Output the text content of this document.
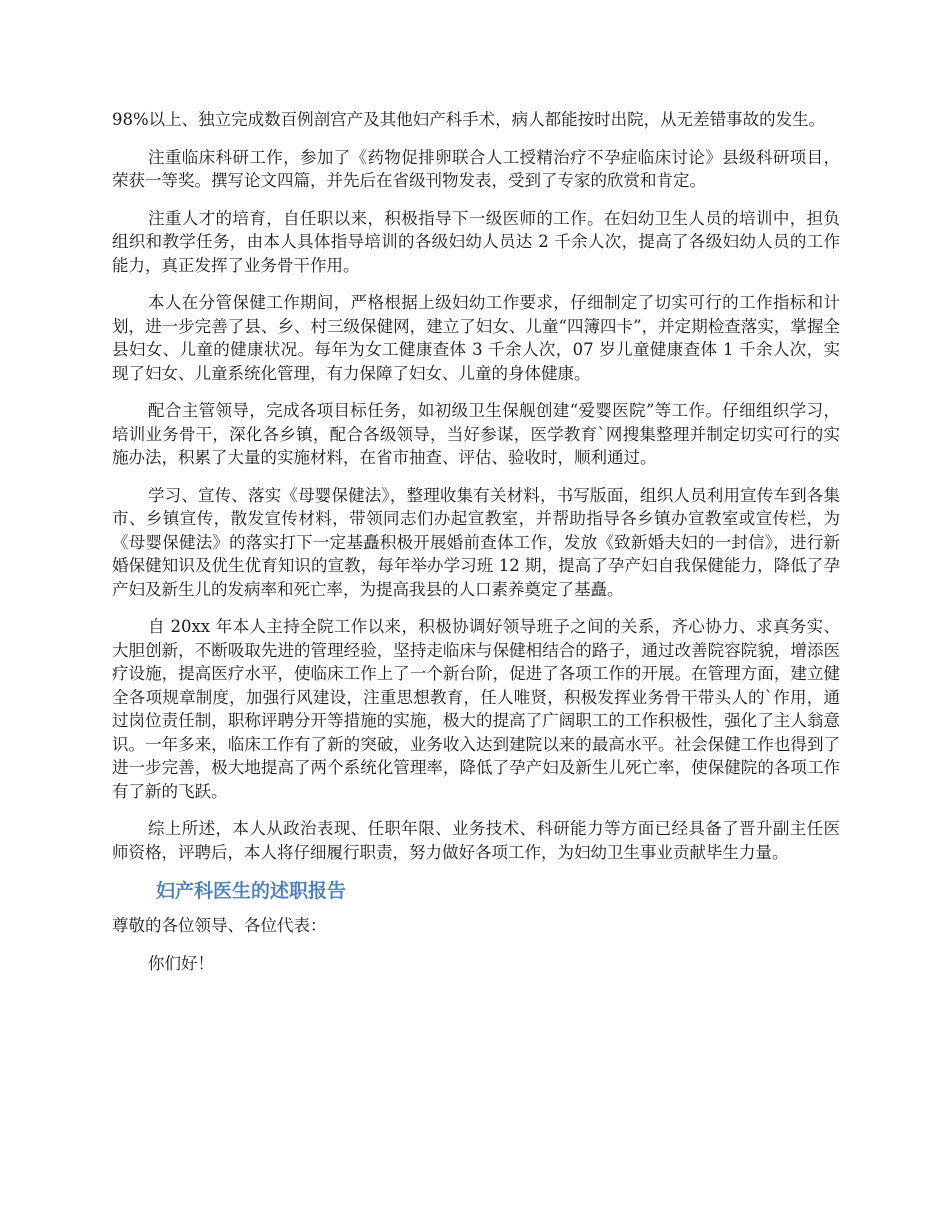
98%以上、独立完成数百例剖宫产及其他妇产科手术，病人都能按时出院，从无差错事故的发生。

注重临床科研工作，参加了《药物促排卵联合人工授精治疗不孕症临床讨论》县级科研项目，荣获一等奖。撰写论文四篇，并先后在省级刊物发表，受到了专家的欣赏和肯定。

注重人才的培育，自任职以来，积极指导下一级医师的工作。在妇幼卫生人员的培训中，担负组织和教学任务，由本人具体指导培训的各级妇幼人员达 2 千余人次，提高了各级妇幼人员的工作能力，真正发挥了业务骨干作用。

本人在分管保健工作期间，严格根据上级妇幼工作要求，仔细制定了切实可行的工作指标和计划，进一步完善了县、乡、村三级保健网，建立了妇女、儿童“四簿四卡”，并定期检查落实，掌握全县妇女、儿童的健康状况。每年为女工健康查体 3 千余人次，07 岁儿童健康查体 1 千余人次，实现了妇女、儿童系统化管理，有力保障了妇女、儿童的身体健康。

配合主管领导，完成各项目标任务，如初级卫生保舰创建“爱婴医院”等工作。仔细组织学习，培训业务骨干，深化各乡镇，配合各级领导，当好参谋，医学教育`网搜集整理并制定切实可行的实施办法，积累了大量的实施材料，在省市抽查、评估、验收时，顺利通过。

学习、宣传、落实《母婴保健法》，整理收集有关材料，书写版面，组织人员利用宣传车到各集市、乡镇宣传，散发宣传材料，带领同志们办起宣教室，并帮助指导各乡镇办宣教室或宣传栏，为《母婴保健法》的落实打下一定基矗积极开展婚前查体工作，发放《致新婚夫妇的一封信》，进行新婚保健知识及优生优育知识的宣教，每年举办学习班 12 期，提高了孕产妇自我保健能力，降低了孕产妇及新生儿的发病率和死亡率，为提高我县的人口素养奠定了基矗。

自 20xx 年本人主持全院工作以来，积极协调好领导班子之间的关系，齐心协力、求真务实、大胆创新，不断吸取先进的管理经验，坚持走临床与保健相结合的路子，通过改善院容院貌，增添医疗设施，提高医疗水平，使临床工作上了一个新台阶，促进了各项工作的开展。在管理方面，建立健全各项规章制度，加强行风建设，注重思想教育，任人唯贤，积极发挥业务骨干带头人的`作用，通过岗位责任制，职称评聘分开等措施的实施，极大的提高了广阔职工的工作积极性，强化了主人翁意识。一年多来，临床工作有了新的突破，业务收入达到建院以来的最高水平。社会保健工作也得到了进一步完善，极大地提高了两个系统化管理率，降低了孕产妇及新生儿死亡率，使保健院的各项工作有了新的飞跃。

综上所述，本人从政治表现、任职年限、业务技术、科研能力等方面已经具备了晋升副主任医师资格，评聘后，本人将仔细履行职责，努力做好各项工作，为妇幼卫生事业贡献毕生力量。

妇产科医生的述职报告

尊敬的各位领导、各位代表：

你们好！
